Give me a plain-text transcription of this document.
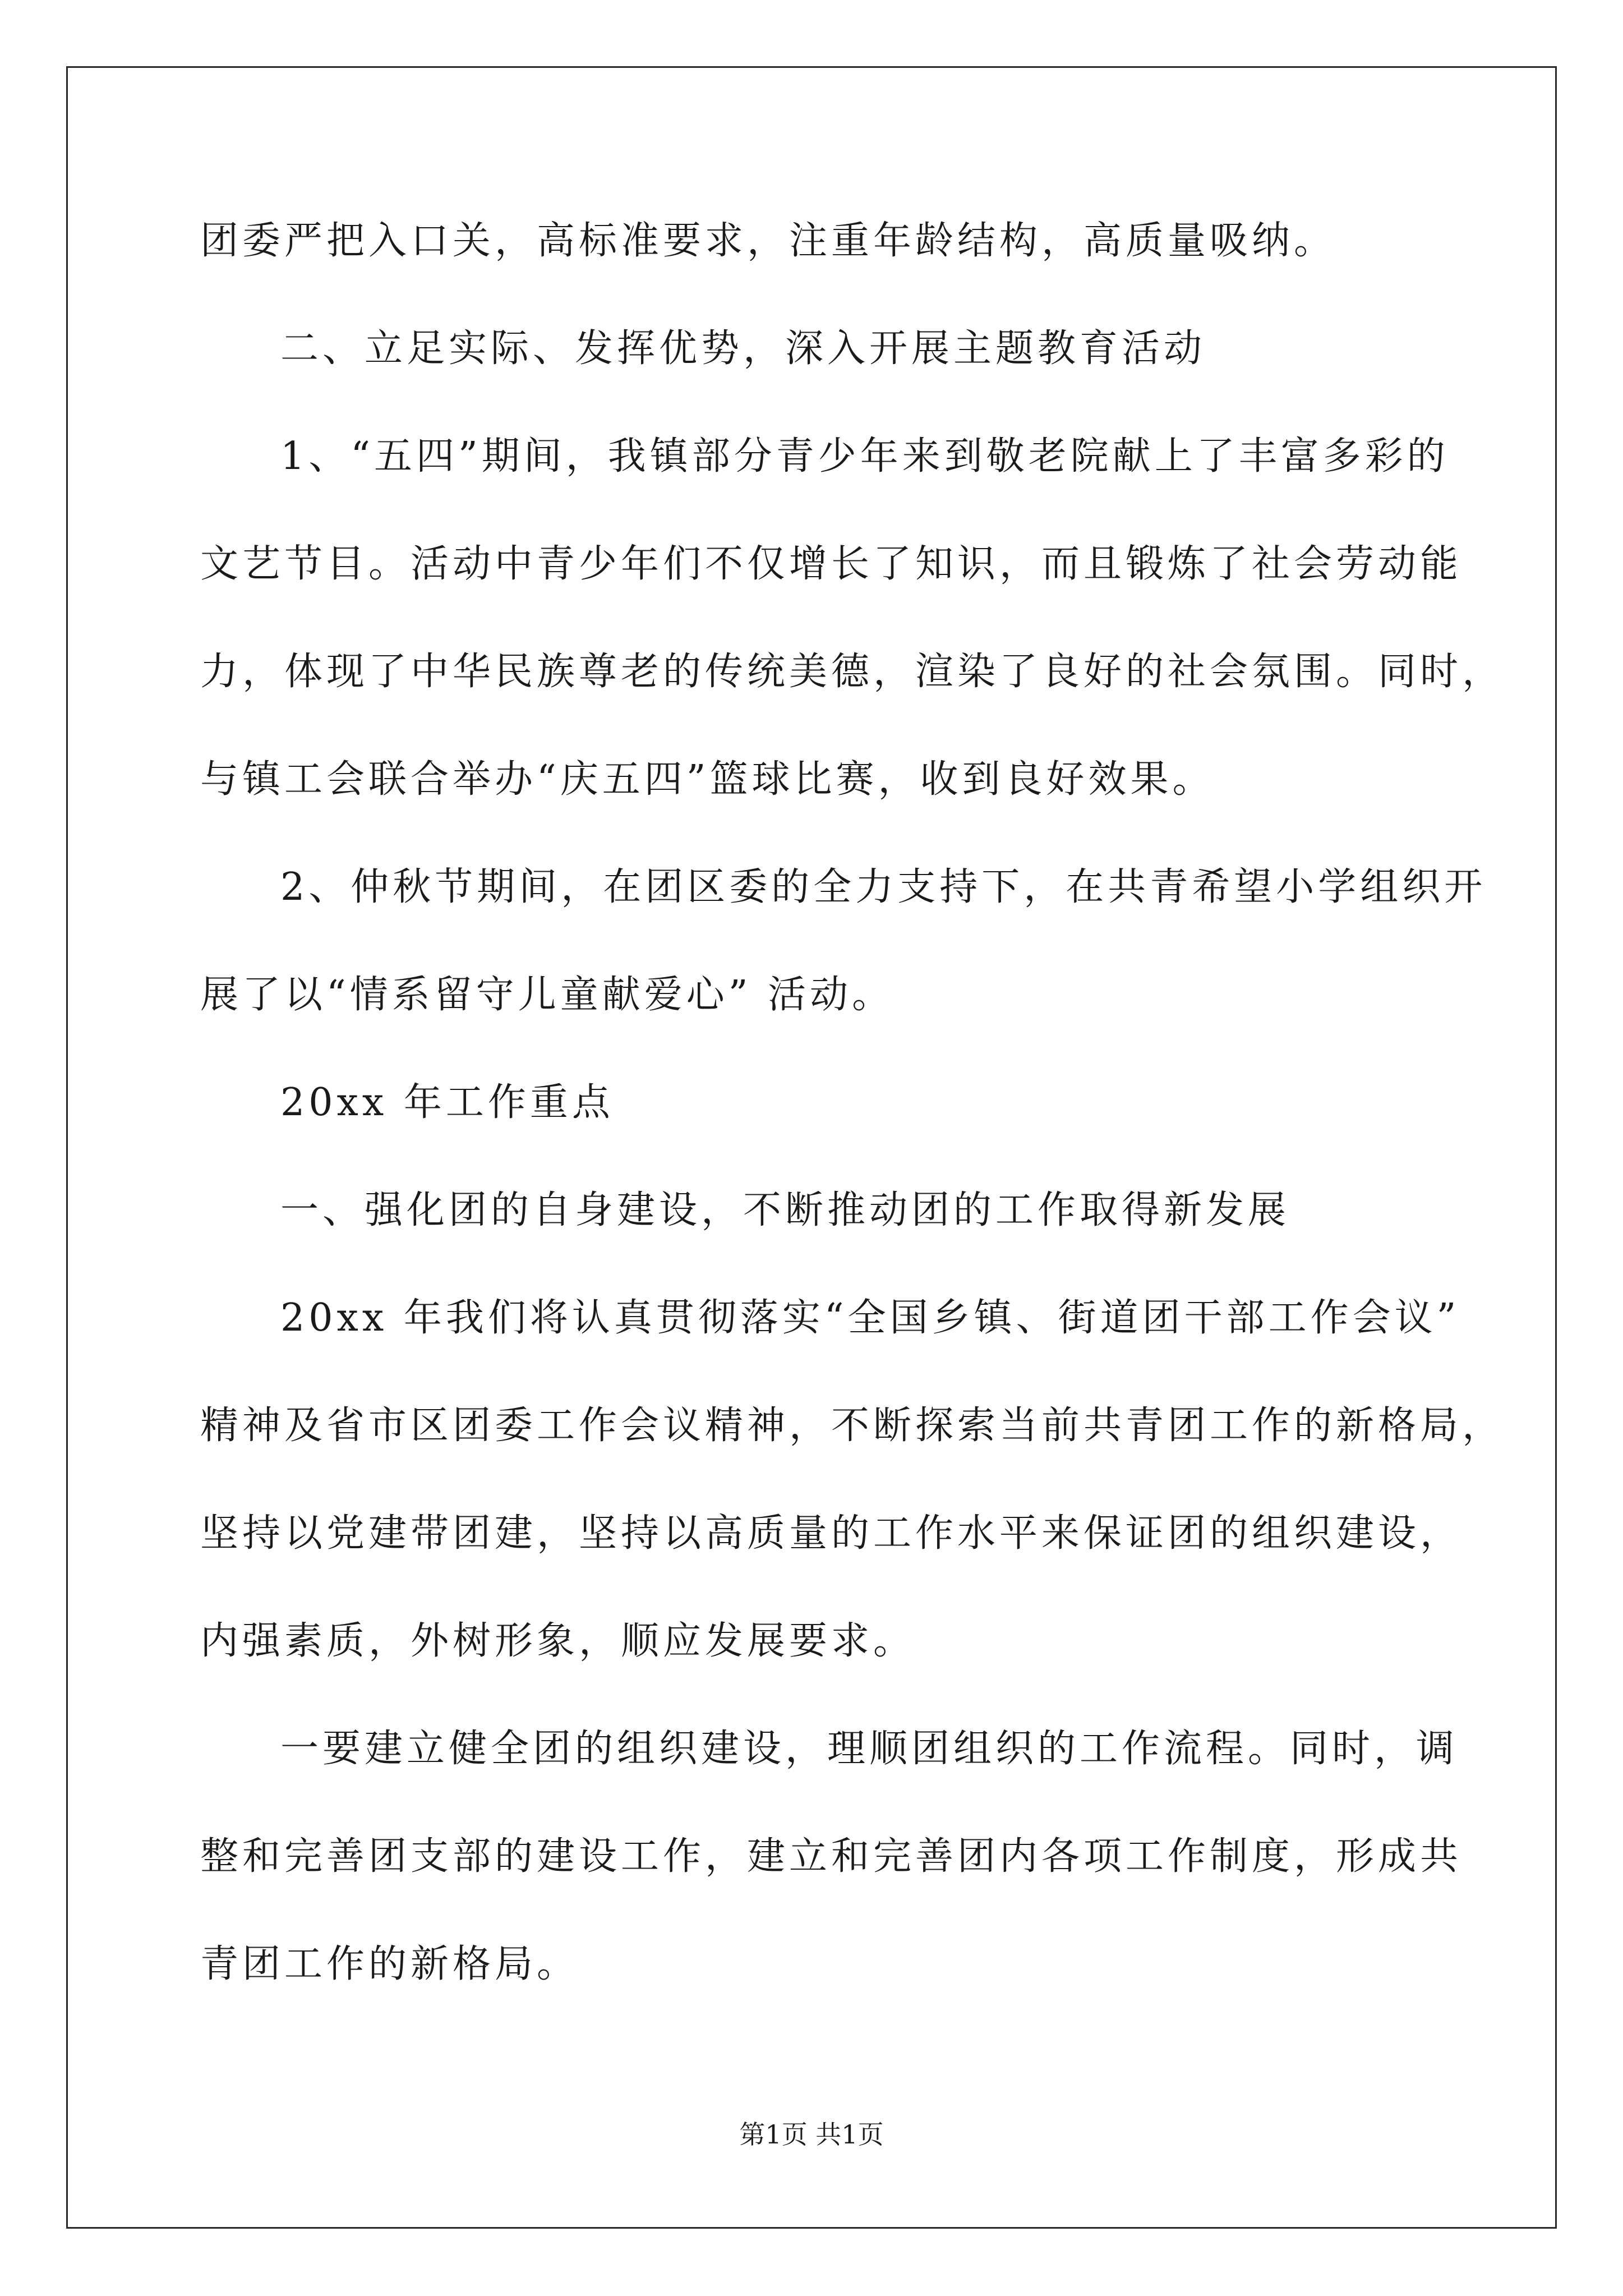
团委严把入口关，高标准要求，注重年龄结构，高质量吸纳。
二、立足实际、发挥优势，深入开展主题教育活动
1、“五四”期间，我镇部分青少年来到敬老院献上了丰富多彩的
文艺节目。活动中青少年们不仅增长了知识，而且锻炼了社会劳动能
力，体现了中华民族尊老的传统美德，渲染了良好的社会氛围。同时，
与镇工会联合举办“庆五四”篮球比赛，收到良好效果。
2、仲秋节期间，在团区委的全力支持下，在共青希望小学组织开
展了以“情系留守儿童献爱心” 活动。
20xx 年工作重点
一、强化团的自身建设，不断推动团的工作取得新发展
20xx 年我们将认真贯彻落实“全国乡镇、街道团干部工作会议”
精神及省市区团委工作会议精神，不断探索当前共青团工作的新格局，
坚持以党建带团建，坚持以高质量的工作水平来保证团的组织建设，
内强素质，外树形象，顺应发展要求。
一要建立健全团的组织建设，理顺团组织的工作流程。同时，调
整和完善团支部的建设工作，建立和完善团内各项工作制度，形成共
青团工作的新格局。
第1页 共1页
